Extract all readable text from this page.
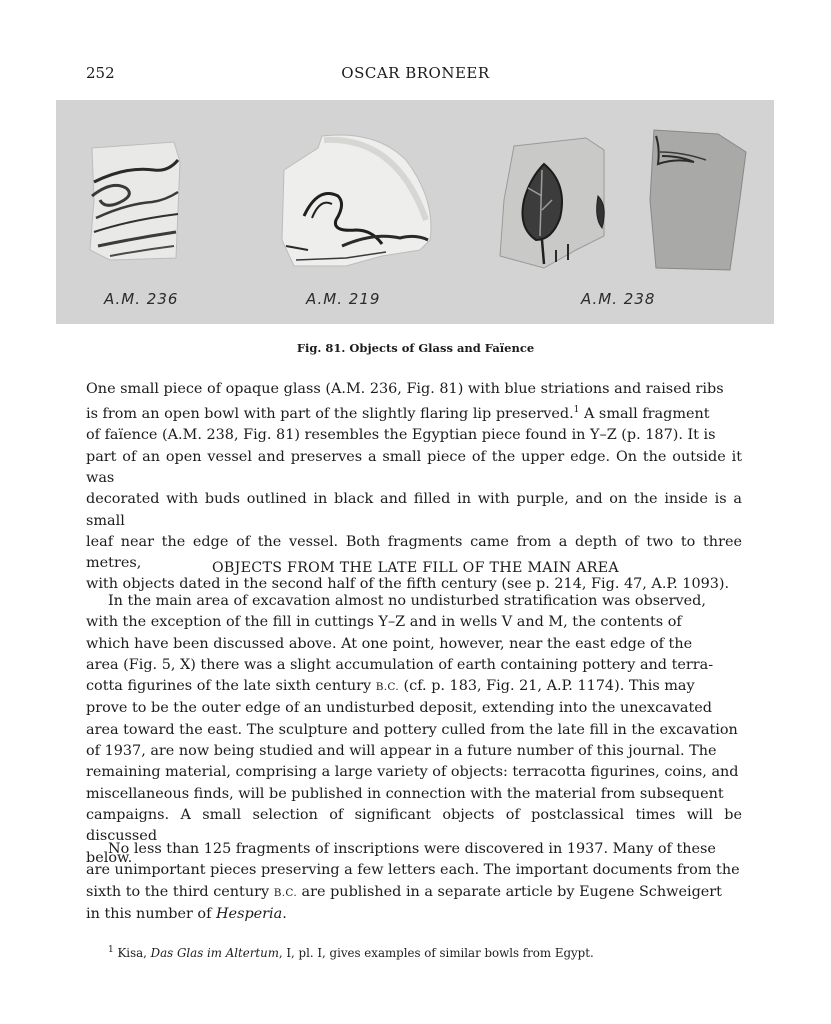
252	OSCAR BRONEER
A.M. 236	A.M. 219	A.M. 238
Fig. 81. Objects of Glass and Faïence
One small piece of opaque glass (A.M. 236, Fig. 81) with blue striations and raised ribs
is from an open bowl with part of the slightly flaring lip preserved.$^1$ A small fragment
of faïence (A.M. 238, Fig. 81) resembles the Egyptian piece found in Y–Z (p. 187). It is
part of an open vessel and preserves a small piece of the upper edge. On the outside it was
decorated with buds outlined in black and filled in with purple, and on the inside is a small
leaf near the edge of the vessel. Both fragments came from a depth of two to three metres,
with objects dated in the second half of the fifth century (see p. 214, Fig. 47, A.P. 1093).
OBJECTS FROM THE LATE FILL OF THE MAIN AREA
In the main area of excavation almost no undisturbed stratification was observed,
with the exception of the fill in cuttings Y–Z and in wells V and M, the contents of
which have been discussed above. At one point, however, near the east edge of the
area (Fig. 5, X) there was a slight accumulation of earth containing pottery and terra-
cotta figurines of the late sixth century B.C. (cf. p. 183, Fig. 21, A.P. 1174). This may
prove to be the outer edge of an undisturbed deposit, extending into the unexcavated
area toward the east. The sculpture and pottery culled from the late fill in the excavation
of 1937, are now being studied and will appear in a future number of this journal. The
remaining material, comprising a large variety of objects: terracotta figurines, coins, and
miscellaneous finds, will be published in connection with the material from subsequent
campaigns. A small selection of significant objects of postclassical times will be discussed
below.
No less than 125 fragments of inscriptions were discovered in 1937. Many of these
are unimportant pieces preserving a few letters each. The important documents from the
sixth to the third century B.C. are published in a separate article by Eugene Schweigert
in this number of Hesperia.
$^1$ Kisa, Das Glas im Altertum, I, pl. I, gives examples of similar bowls from Egypt.
